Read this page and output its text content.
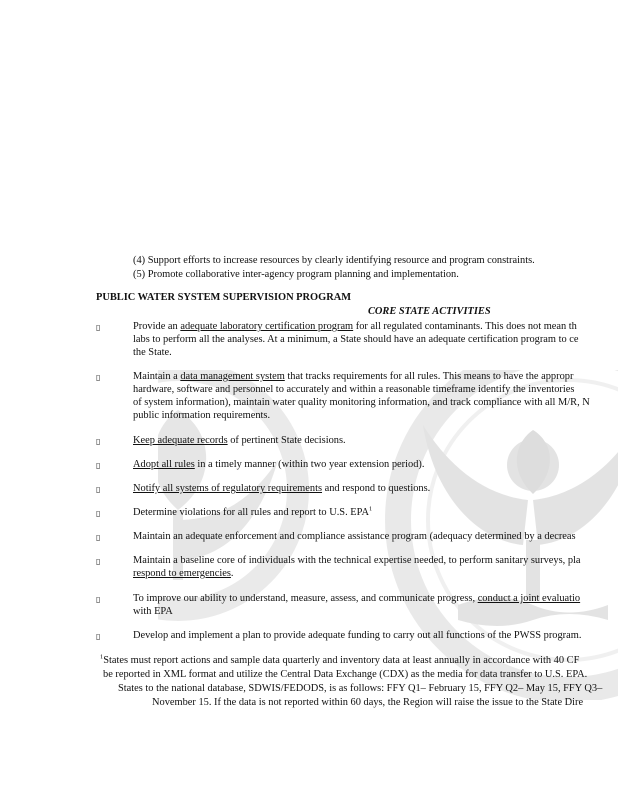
(4) Support efforts to increase resources by clearly identifying resource and program constraints.
(5) Promote collaborative inter-agency program planning and implementation.
PUBLIC WATER SYSTEM SUPERVISION PROGRAM
CORE STATE ACTIVITIES
▯
Provide an adequate laboratory certification program for all regulated contaminants. This does not mean th
labs to perform all the analyses. At a minimum, a State should have an adequate certification program to ce
the State.
▯
Maintain a data management system that tracks requirements for all rules. This means to have the appropr
hardware, software and personnel to accurately and within a reasonable timeframe identify the inventories
of system information), maintain water quality monitoring information, and track compliance with all M/R, N
public information requirements.
▯
Keep adequate records of pertinent State decisions.
▯
Adopt all rules in a timely manner (within two year extension period).
▯
Notify all systems of regulatory requirements and respond to questions.
▯
Determine violations for all rules and report to U.S. EPA$^1$
▯
Maintain an adequate enforcement and compliance assistance program (adequacy determined by a decreas
▯
Maintain a baseline core of individuals with the technical expertise needed, to perform sanitary surveys, pla
respond to emergencies.
▯
To improve our ability to understand, measure, assess, and communicate progress, conduct a joint evaluatio
with EPA
▯
Develop and implement a plan to provide adequate funding to carry out all functions of the PWSS program.
$^1$States must report actions and sample data quarterly and inventory data at least annually in accordance with 40 CF
be reported in XML format and utilize the Central Data Exchange (CDX) as the media for data transfer to U.S. EPA.
States to the national database, SDWIS/FEDODS, is as follows: FFY Q1– February 15, FFY Q2– May 15, FFY Q3–
November 15. If the data is not reported within 60 days, the Region will raise the issue to the State Dire
